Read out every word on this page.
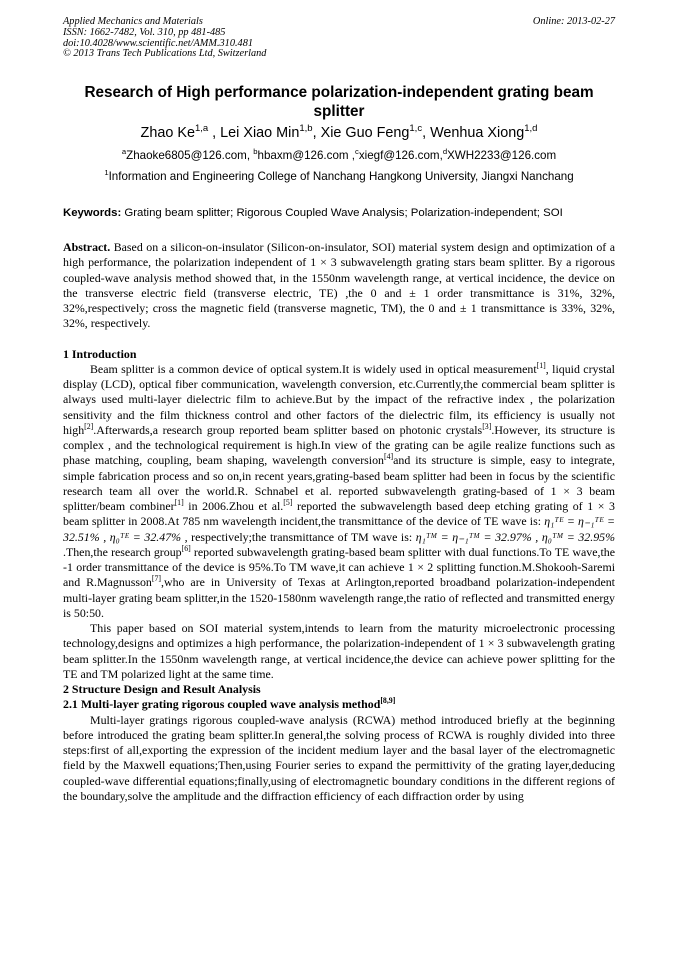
Applied Mechanics and Materials
ISSN: 1662-7482, Vol. 310, pp 481-485
doi:10.4028/www.scientific.net/AMM.310.481
© 2013 Trans Tech Publications Ltd, Switzerland
Online: 2013-02-27
Research of High performance polarization-independent grating beam splitter
Zhao Ke$^{1,a}$ , Lei Xiao Min$^{1,b}$, Xie Guo Feng$^{1,c}$, Wenhua Xiong$^{1,d}$
$^a$Zhaoke6805@126.com, $^b$hbaxm@126.com ,$^c$xiegf@126.com,$^d$XWH2233@126.com
$^1$Information and Engineering College of Nanchang Hangkong University, Jiangxi Nanchang
Keywords: Grating beam splitter; Rigorous Coupled Wave Analysis; Polarization-independent; SOI

Abstract. Based on a silicon-on-insulator (Silicon-on-insulator, SOI) material system design and optimization of a high performance, the polarization independent of 1 × 3 subwavelength grating stars beam splitter. By a rigorous coupled-wave analysis method showed that, in the 1550nm wavelength range, at vertical incidence, the device on the transverse electric field (transverse electric, TE) ,the 0 and ± 1 order transmittance is 31%, 32%, 32%,respectively; cross the magnetic field (transverse magnetic, TM), the 0 and ± 1 transmittance is 33%, 32%, 32%, respectively.

1 Introduction

Beam splitter is a common device of optical system.It is widely used in optical measurement[1], liquid crystal display (LCD), optical fiber communication, wavelength conversion, etc.Currently,the commercial beam splitter is always used multi-layer dielectric film to achieve.But by the impact of the refractive index , the polarization sensitivity and the film thickness control and other factors of the dielectric film, its efficiency is usually not high[2].Afterwards,a research group reported beam splitter based on photonic crystals[3].However, its structure is complex , and the technological requirement is high.In view of the grating can be agile realize functions such as phase matching, coupling, beam shaping, wavelength conversion[4]and its structure is simple, easy to integrate, simple fabrication process and so on,in recent years,grating-based beam splitter had been in focus by the scientific research team all over the world.R. Schnabel et al. reported subwavelength grating-based of 1 × 3 beam splitter/beam combiner[1] in 2006.Zhou et al.[5] reported the subwavelength based deep etching grating of 1 × 3 beam splitter in 2008.At 785 nm wavelength incident,the transmittance of the device of TE wave is: η₁ᵀᴱ = η₋₁ᵀᴱ = 32.51% , η₀ᵀᴱ = 32.47% , respectively;the transmittance of TM wave is: η₁ᵀᴹ = η₋₁ᵀᴹ = 32.97% , η₀ᵀᴹ = 32.95% .Then,the research group[6] reported subwavelength grating-based beam splitter with dual functions.To TE wave,the -1 order transmittance of the device is 95%.To TM wave,it can achieve 1 × 2 splitting function.M.Shokooh-Saremi and R.Magnusson[7],who are in University of Texas at Arlington,reported broadband polarization-independent multi-layer grating beam splitter,in the 1520-1580nm wavelength range,the ratio of reflected and transmitted energy is 50:50.

This paper based on SOI material system,intends to learn from the maturity microelectronic processing technology,designs and optimizes a high performance, the polarization-independent of 1 × 3 subwavelength grating beam splitter.In the 1550nm wavelength range, at vertical incidence,the device can achieve power splitting for the TE and TM polarized light at the same time.

2 Structure Design and Result Analysis

2.1 Multi-layer grating rigorous coupled wave analysis method[8,9]

Multi-layer gratings rigorous coupled-wave analysis (RCWA) method introduced briefly at the beginning before introduced the grating beam splitter.In general,the solving process of RCWA is roughly divided into three steps:first of all,exporting the expression of the incident medium layer and the basal layer of the electromagnetic field by the Maxwell equations;Then,using Fourier series to expand the permittivity of the grating layer,deducing coupled-wave differential equations;finally,using of electromagnetic boundary conditions in the different regions of the boundary,solve the amplitude and the diffraction efficiency of each diffraction order by using
